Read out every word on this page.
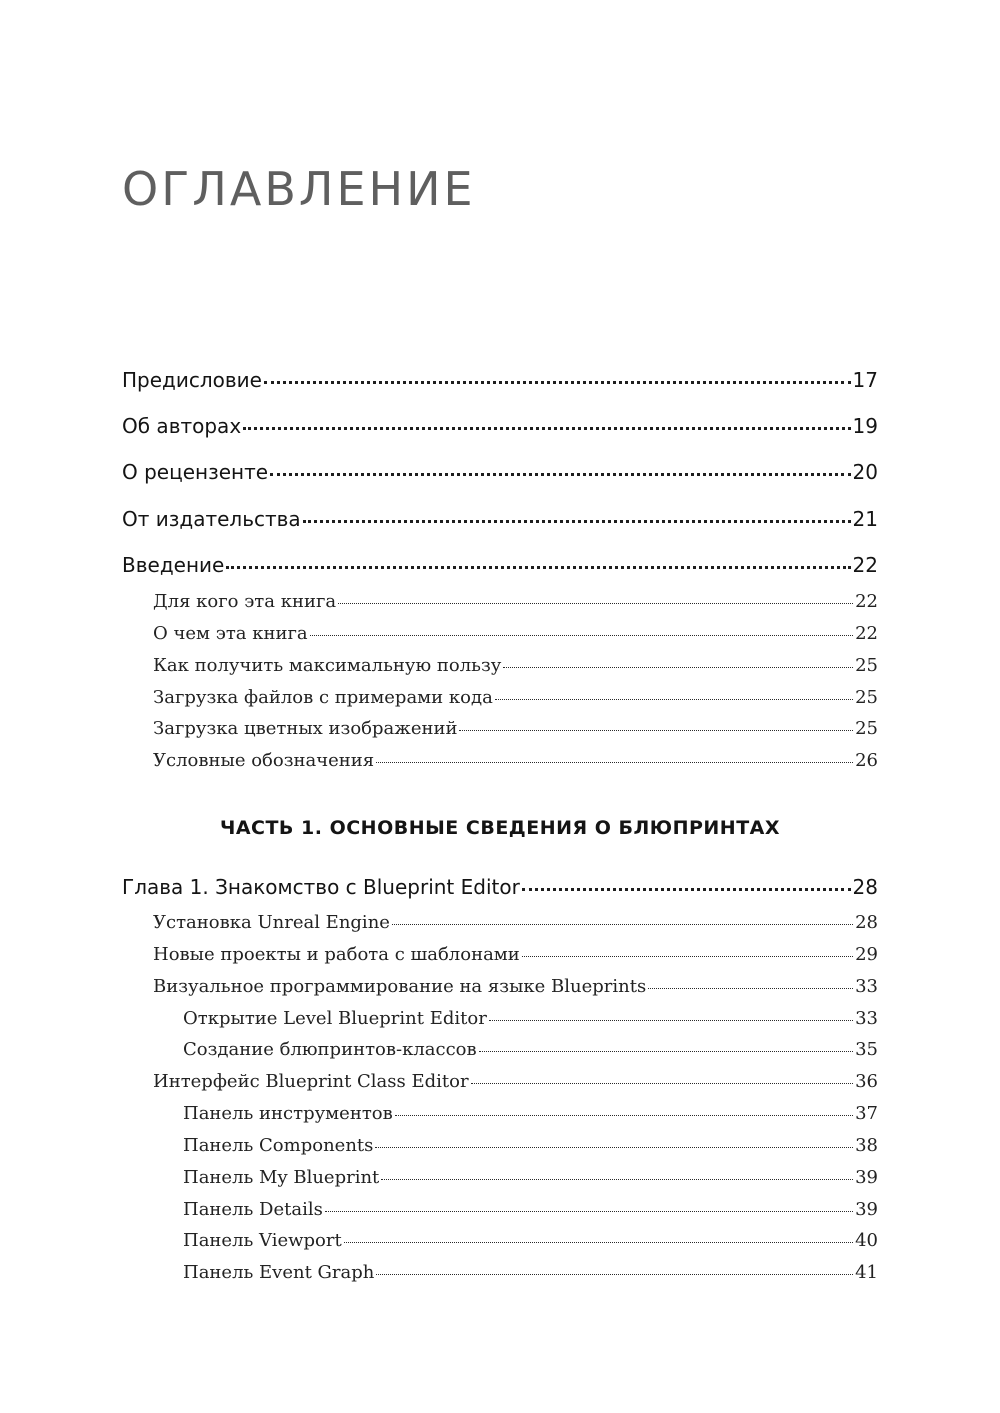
ОГЛАВЛЕНИЕ
Предисловие	17
Об авторах	19
О рецензенте	20
От издательства	21
Введение	22
Для кого эта книга	22
О чем эта книга	22
Как получить максимальную пользу	25
Загрузка файлов с примерами кода	25
Загрузка цветных изображений	25
Условные обозначения	26
ЧАСТЬ 1. ОСНОВНЫЕ СВЕДЕНИЯ О БЛЮПРИНТАХ
Глава 1. Знакомство с Blueprint Editor	28
Установка Unreal Engine	28
Новые проекты и работа с шаблонами	29
Визуальное программирование на языке Blueprints	33
Открытие Level Blueprint Editor	33
Создание блюпринтов-классов	35
Интерфейс Blueprint Class Editor	36
Панель инструментов	37
Панель Components	38
Панель My Blueprint	39
Панель Details	39
Панель Viewport	40
Панель Event Graph	41
